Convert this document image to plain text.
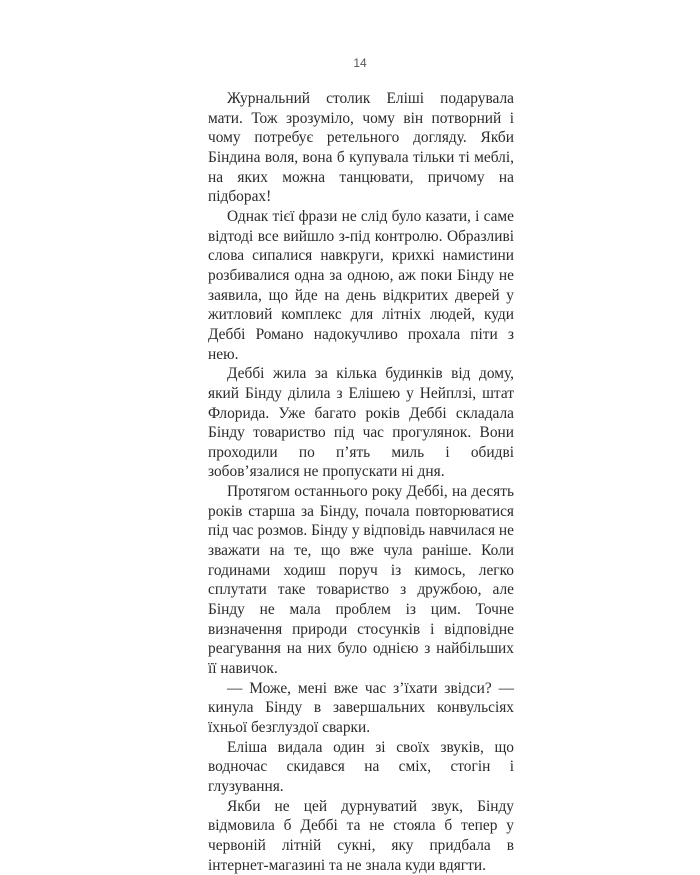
14

Журнальний столик Еліші подарувала мати. Тож зрозуміло, чому він потворний і чому потребує ретельного догляду. Якби Біндина воля, вона б купувала тільки ті меблі, на яких можна танцювати, причому на підборах!

Однак тієї фрази не слід було казати, і саме відтоді все вийшло з-під контролю. Образливі слова сипалися навкруги, крихкі намистини розбивалися одна за одною, аж поки Бінду не заявила, що йде на день відкритих дверей у житловий комплекс для літніх людей, куди Деббі Романо надокучливо прохала піти з нею.

Деббі жила за кілька будинків від дому, який Бінду ділила з Елішею у Нейплзі, штат Флорида. Уже багато років Деббі складала Бінду товариство під час прогулянок. Вони проходили по п’ять миль і обидві зобов’язалися не пропускати ні дня.

Протягом останнього року Деббі, на десять років старша за Бінду, почала повторюватися під час розмов. Бінду у відповідь навчилася не зважати на те, що вже чула раніше. Коли годинами ходиш поруч із кимось, легко сплутати таке товариство з дружбою, але Бінду не мала проблем із цим. Точне визначення природи стосунків і відповідне реагування на них було однією з найбільших її навичок.

— Може, мені вже час з’їхати звідси? — кинула Бінду в завершальних конвульсіях їхньої безглуздої сварки.

Еліша видала один зі своїх звуків, що водночас скидався на сміх, стогін і глузування.

Якби не цей дурнуватий звук, Бінду відмовила б Деббі та не стояла б тепер у червоній літній сукні, яку придбала в інтернет-магазині та не знала куди вдягти.
